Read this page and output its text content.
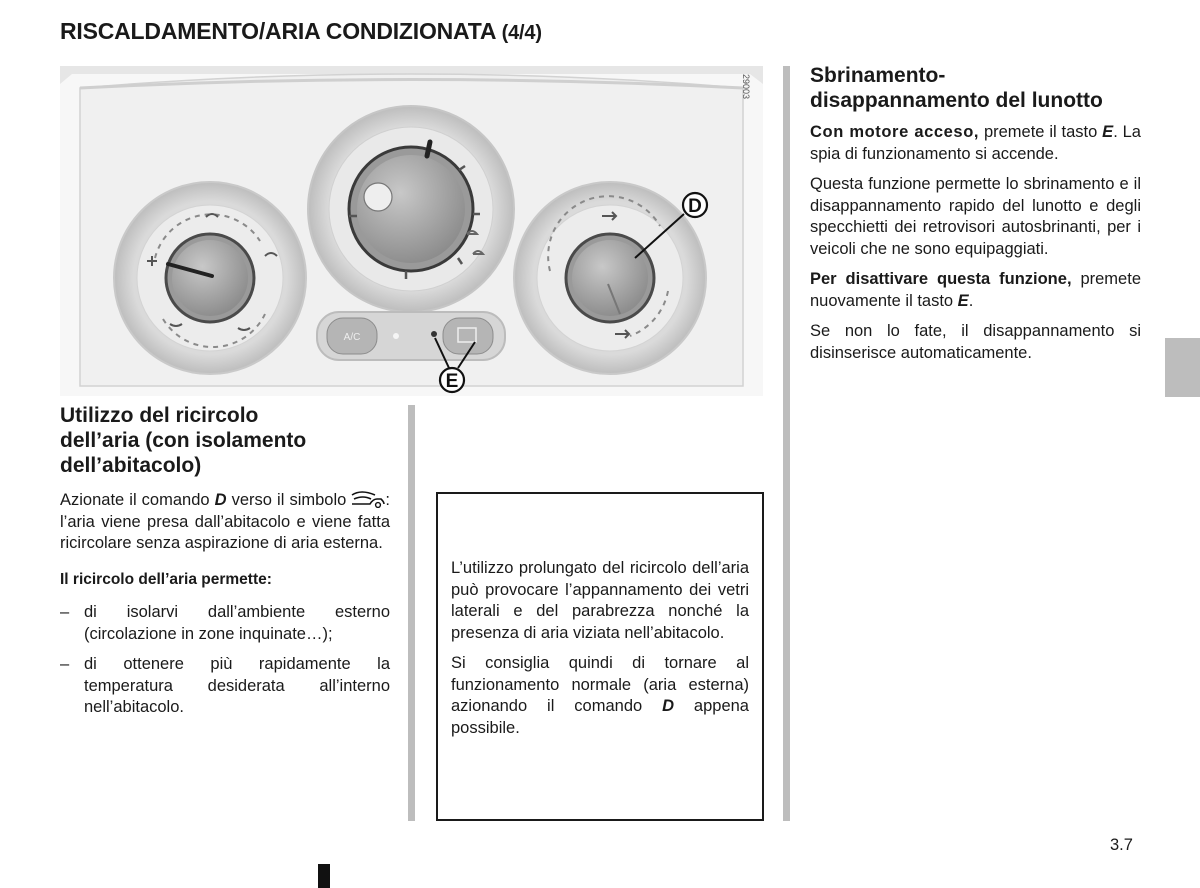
RISCALDAMENTO/ARIA CONDIZIONATA (4/4)
29003
A/C
D
E
Utilizzo del ricircolo
dell’aria (con isolamento
dell’abitacolo)

Azionate il comando D verso il simbolo : l’aria viene presa dall’abitacolo e viene fatta ricircolare senza aspirazione di aria esterna.

Il ricircolo dell’aria permette:

– di isolarvi dall’ambiente esterno (circolazione in zone inquinate…);
– di ottenere più rapidamente la temperatura desiderata all’interno nell’abitacolo.

L’utilizzo prolungato del ricircolo dell’aria può provocare l’appannamento dei vetri laterali e del parabrezza nonché la presenza di aria viziata nell’abitacolo.

Si consiglia quindi di tornare al funzionamento normale (aria esterna) azionando il comando D appena possibile.

Sbrinamento-
disappannamento del lunotto

Con motore acceso, premete il tasto E. La spia di funzionamento si accende.

Questa funzione permette lo sbrinamento e il disappannamento rapido del lunotto e degli specchietti dei retrovisori autosbrinanti, per i veicoli che ne sono equipaggiati.

Per disattivare questa funzione, premete nuovamente il tasto E.

Se non lo fate, il disappannamento si disinserisce automaticamente.

3.7
